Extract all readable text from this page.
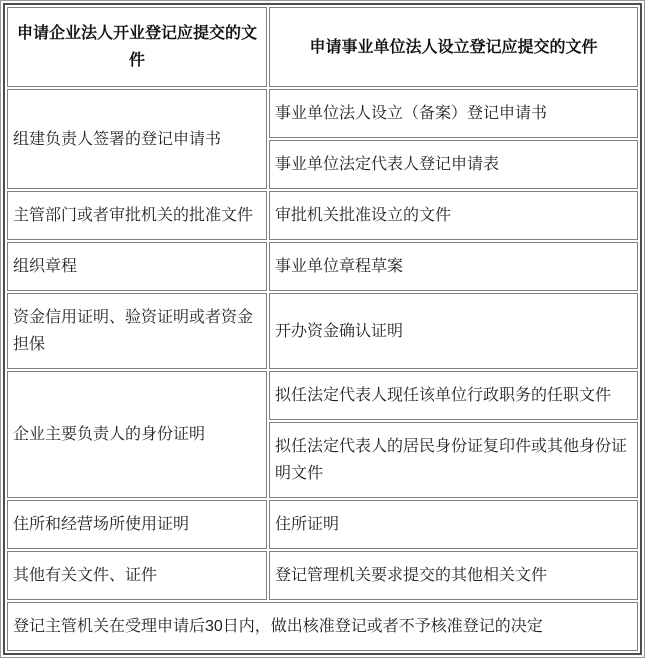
申请企业法人开业登记应提交的文件	申请事业单位法人设立登记应提交的文件
组建负责人签署的登记申请书	事业单位法人设立（备案）登记申请书
	事业单位法定代表人登记申请表
主管部门或者审批机关的批准文件	审批机关批准设立的文件
组织章程	事业单位章程草案
资金信用证明、验资证明或者资金担保	开办资金确认证明
企业主要负责人的身份证明	拟任法定代表人现任该单位行政职务的任职文件
	拟任法定代表人的居民身份证复印件或其他身份证明文件
住所和经营场所使用证明	住所证明
其他有关文件、证件	登记管理机关要求提交的其他相关文件
登记主管机关在受理申请后30日内，做出核准登记或者不予核准登记的决定	
